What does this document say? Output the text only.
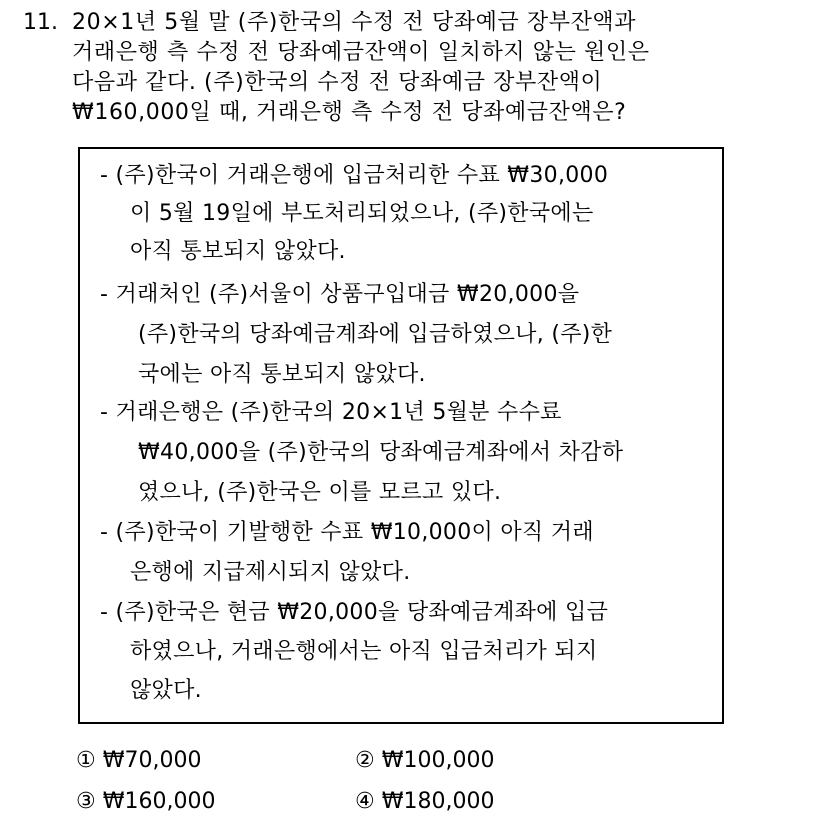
11. 20×1년 5월 말 (주)한국의 수정 전 당좌예금 장부잔액과
거래은행 측 수정 전 당좌예금잔액이 일치하지 않는 원인은
다음과 같다. (주)한국의 수정 전 당좌예금 장부잔액이
₩160,000일 때, 거래은행 측 수정 전 당좌예금잔액은?
- (주)한국이 거래은행에 입금처리한 수표 ₩30,000
이 5월 19일에 부도처리되었으나, (주)한국에는
아직 통보되지 않았다.
- 거래처인 (주)서울이 상품구입대금 ₩20,000을
(주)한국의 당좌예금계좌에 입금하였으나, (주)한
국에는 아직 통보되지 않았다.
- 거래은행은 (주)한국의 20×1년 5월분 수수료
₩40,000을 (주)한국의 당좌예금계좌에서 차감하
였으나, (주)한국은 이를 모르고 있다.
- (주)한국이 기발행한 수표 ₩10,000이 아직 거래
은행에 지급제시되지 않았다.
- (주)한국은 현금 ₩20,000을 당좌예금계좌에 입금
하였으나, 거래은행에서는 아직 입금처리가 되지
않았다.
① ₩70,000	② ₩100,000
③ ₩160,000	④ ₩180,000
